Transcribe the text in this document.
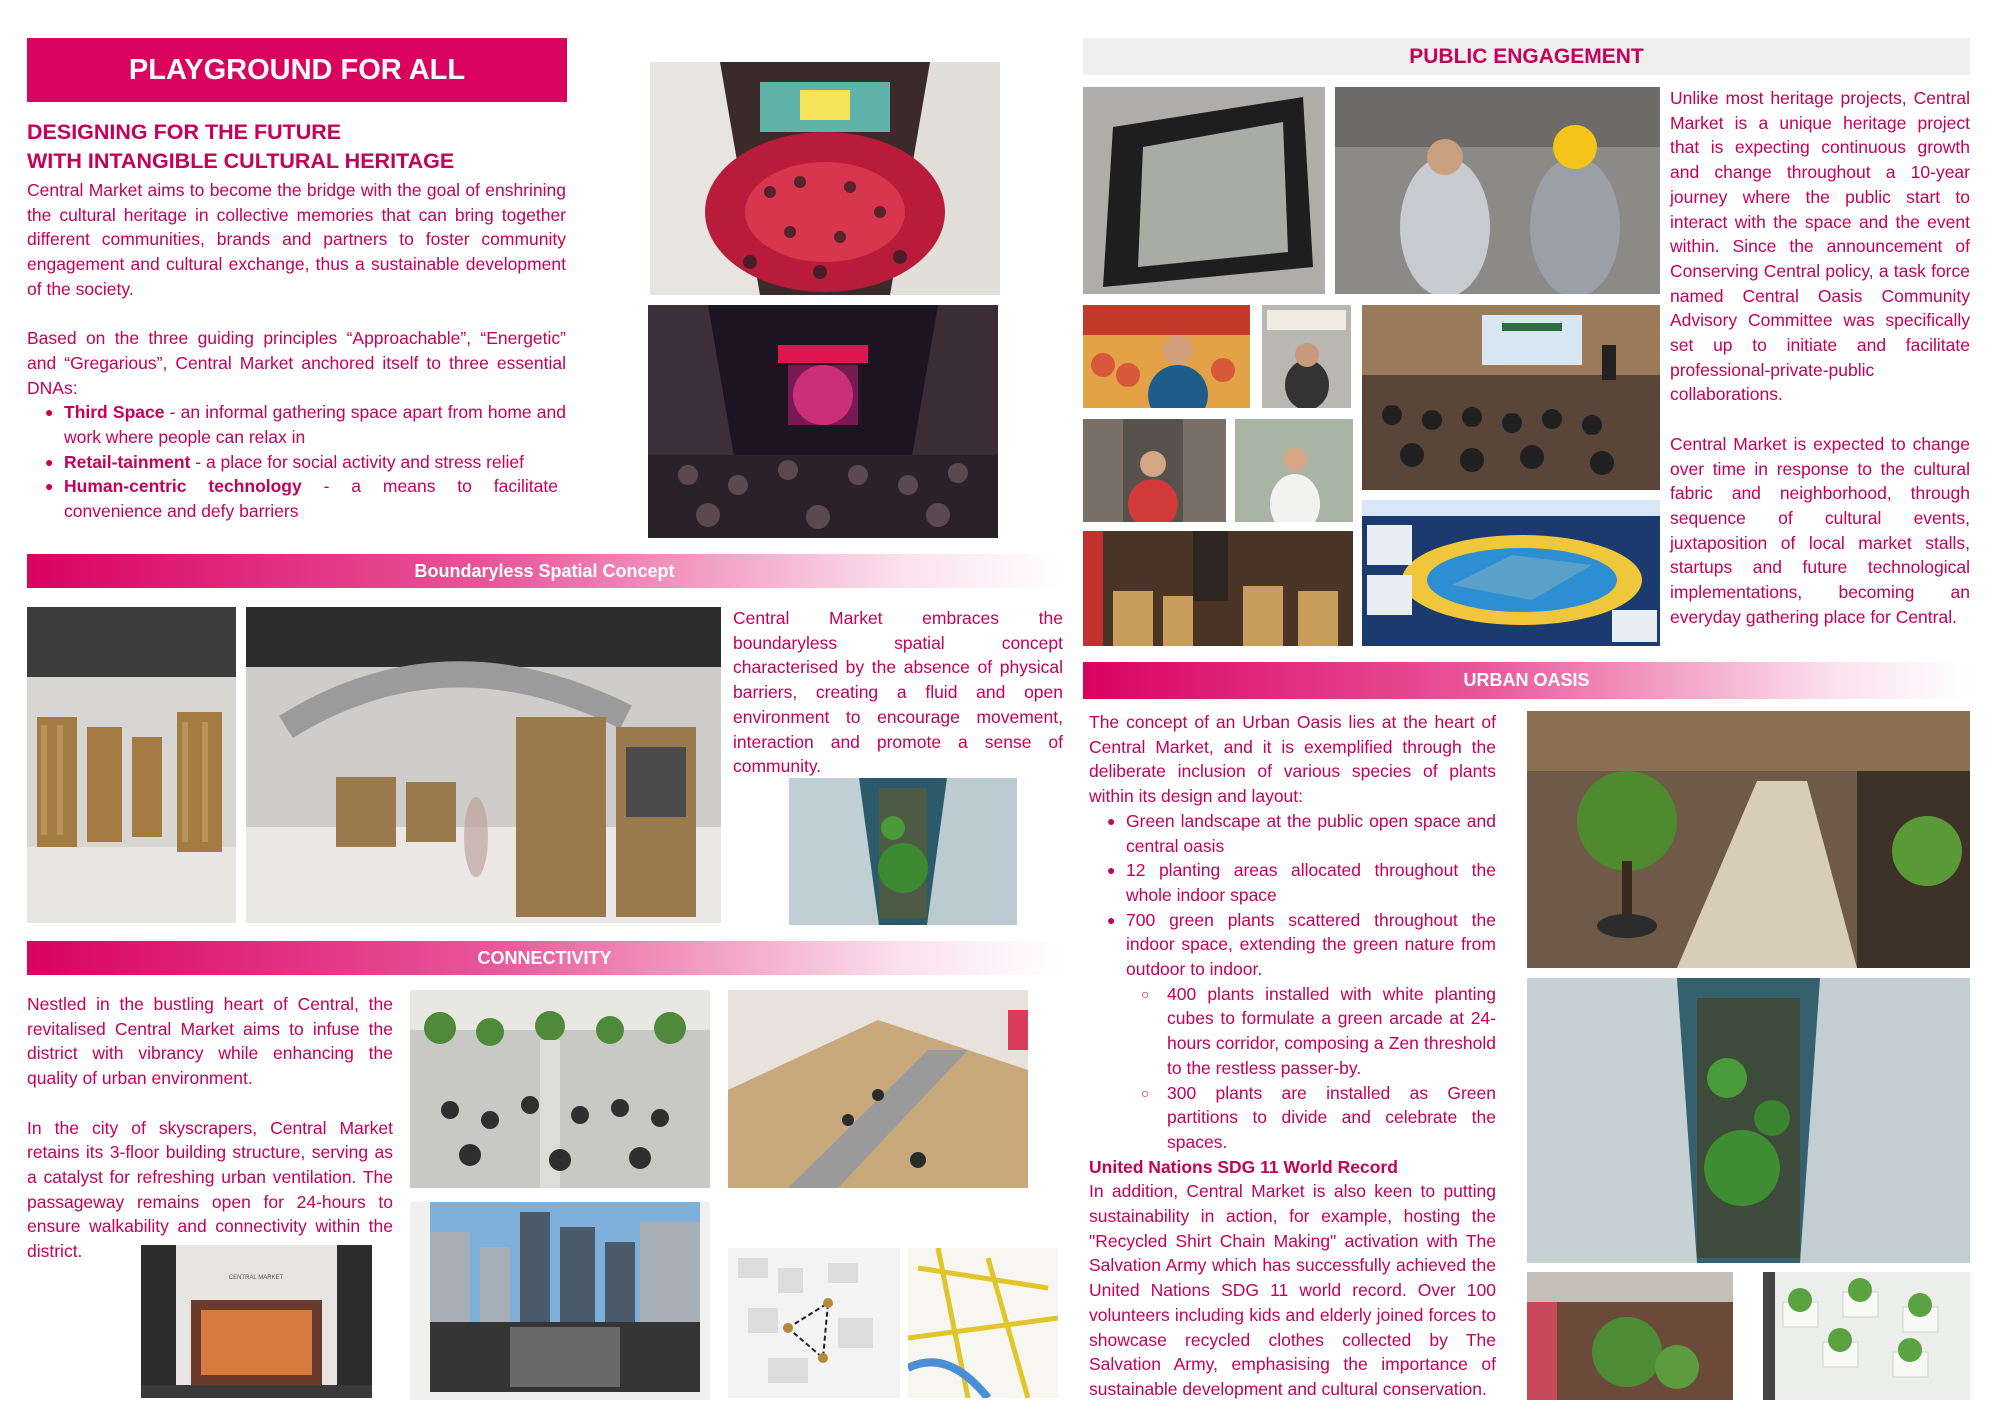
PLAYGROUND FOR ALL
DESIGNING FOR THE FUTURE
WITH INTANGIBLE CULTURAL HERITAGE
Central Market aims to become the bridge with the goal of enshrining the cultural heritage in collective memories that can bring together different communities, brands and partners to foster community engagement and cultural exchange, thus a sustainable development of the society.
Based on the three guiding principles “Approachable”, “Energetic” and “Gregarious”, Central Market anchored itself to three essential DNAs:
● Third Space - an informal gathering space apart from home and work where people can relax in
● Retail-tainment - a place for social activity and stress relief
● Human-centric technology - a means to facilitate convenience and defy barriers
Boundaryless Spatial Concept
Central Market embraces the boundaryless spatial concept characterised by the absence of physical barriers, creating a fluid and open environment to encourage movement, interaction and promote a sense of community.
CONNECTIVITY
Nestled in the bustling heart of Central, the revitalised Central Market aims to infuse the district with vibrancy while enhancing the quality of urban environment.
In the city of skyscrapers, Central Market retains its 3-floor building structure, serving as a catalyst for refreshing urban ventilation. The passageway remains open for 24-hours to ensure walkability and connectivity within the district.
CENTRAL MARKET
PUBLIC ENGAGEMENT
Unlike most heritage projects, Central Market is a unique heritage project that is expecting continuous growth and change throughout a 10-year journey where the public start to interact with the space and the event within. Since the announcement of Conserving Central policy, a task force named Central Oasis Community Advisory Committee was specifically set up to initiate and facilitate professional-private-public collaborations.
Central Market is expected to change over time in response to the cultural fabric and neighborhood, through sequence of cultural events, juxtaposition of local market stalls, startups and future technological implementations, becoming an everyday gathering place for Central.
URBAN OASIS
The concept of an Urban Oasis lies at the heart of Central Market, and it is exemplified through the deliberate inclusion of various species of plants within its design and layout:
● Green landscape at the public open space and central oasis
● 12 planting areas allocated throughout the whole indoor space
● 700 green plants scattered throughout the indoor space, extending the green nature from outdoor to indoor.
○ 400 plants installed with white planting cubes to formulate a green arcade at 24-hours corridor, composing a Zen threshold to the restless passer-by.
○ 300 plants are installed as Green partitions to divide and celebrate the spaces.
United Nations SDG 11 World Record
In addition, Central Market is also keen to putting sustainability in action, for example, hosting the "Recycled Shirt Chain Making" activation with The Salvation Army which has successfully achieved the United Nations SDG 11 world record. Over 100 volunteers including kids and elderly joined forces to showcase recycled clothes collected by The Salvation Army, emphasising the importance of sustainable development and cultural conservation.
